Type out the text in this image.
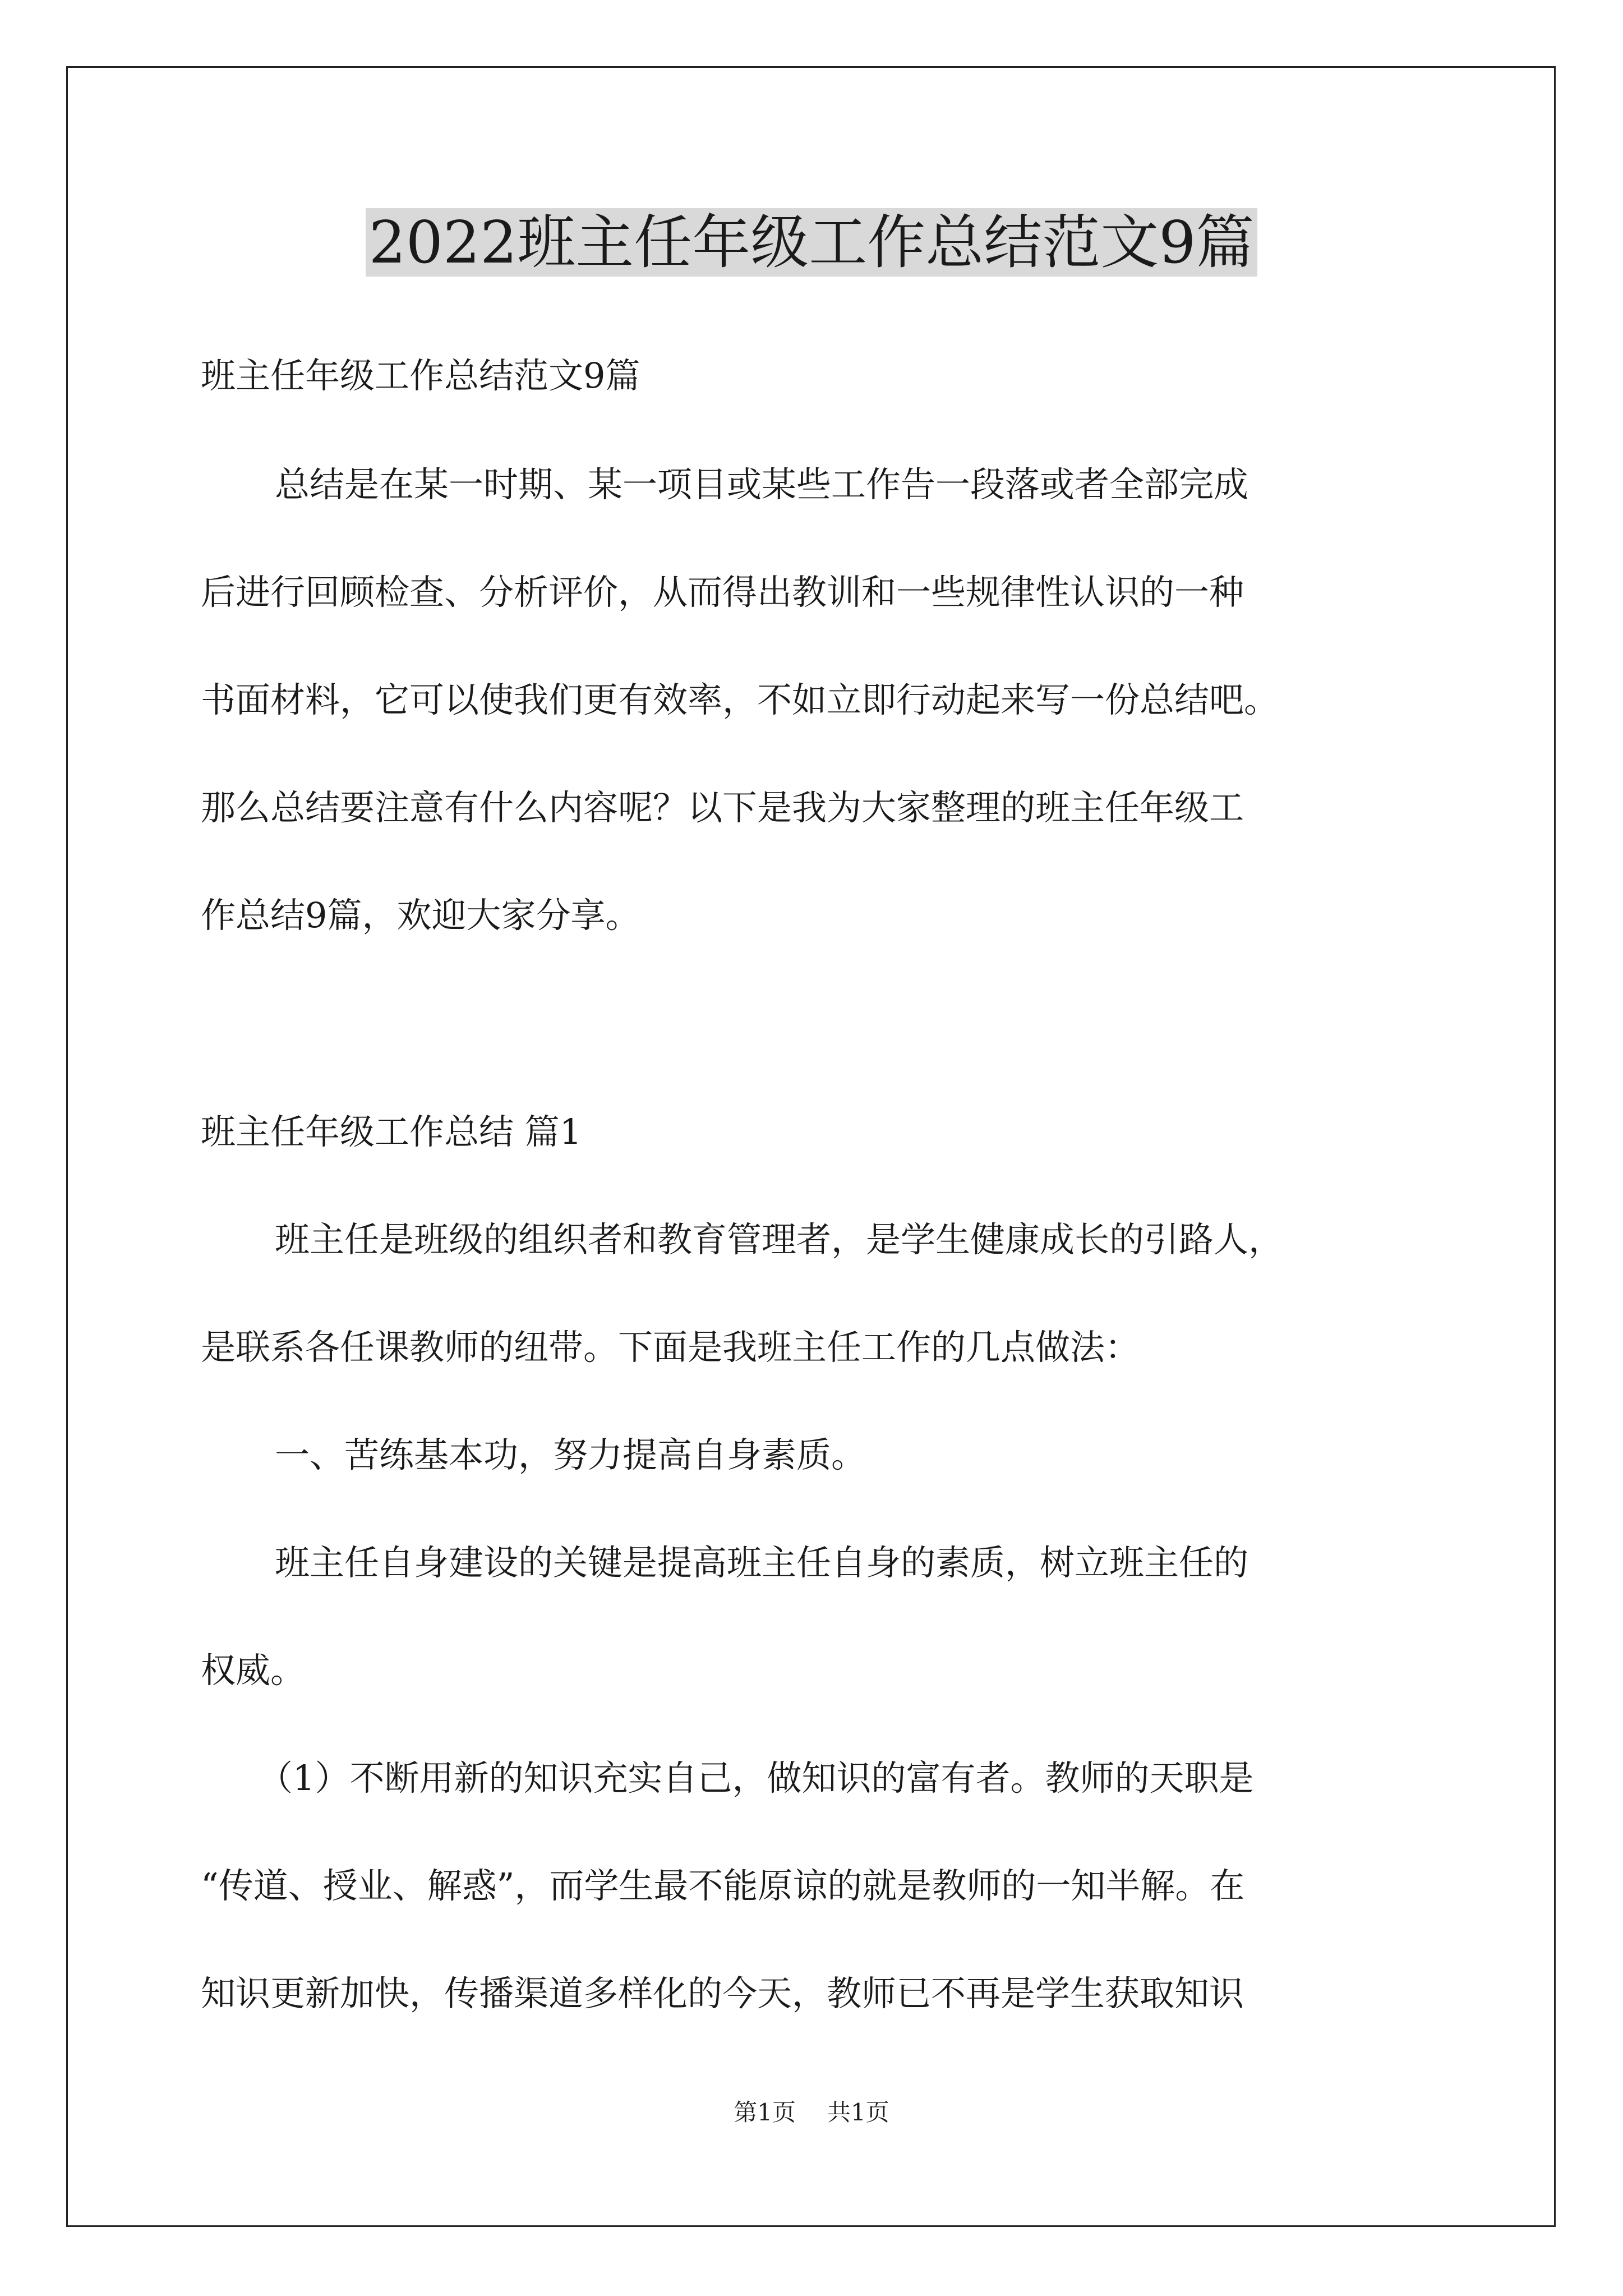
2022班主任年级工作总结范文9篇
班主任年级工作总结范文9篇
总结是在某一时期、某一项目或某些工作告一段落或者全部完成
后进行回顾检查、分析评价，从而得出教训和一些规律性认识的一种
书面材料，它可以使我们更有效率，不如立即行动起来写一份总结吧。
那么总结要注意有什么内容呢？以下是我为大家整理的班主任年级工
作总结9篇，欢迎大家分享。
班主任年级工作总结 篇1
班主任是班级的组织者和教育管理者，是学生健康成长的引路人，
是联系各任课教师的纽带。下面是我班主任工作的几点做法：
一、苦练基本功，努力提高自身素质。
班主任自身建设的关键是提高班主任自身的素质，树立班主任的
权威。
（1）不断用新的知识充实自己，做知识的富有者。教师的天职是
“传道、授业、解惑”，而学生最不能原谅的就是教师的一知半解。在
知识更新加快，传播渠道多样化的今天，教师已不再是学生获取知识
第1页 共1页
